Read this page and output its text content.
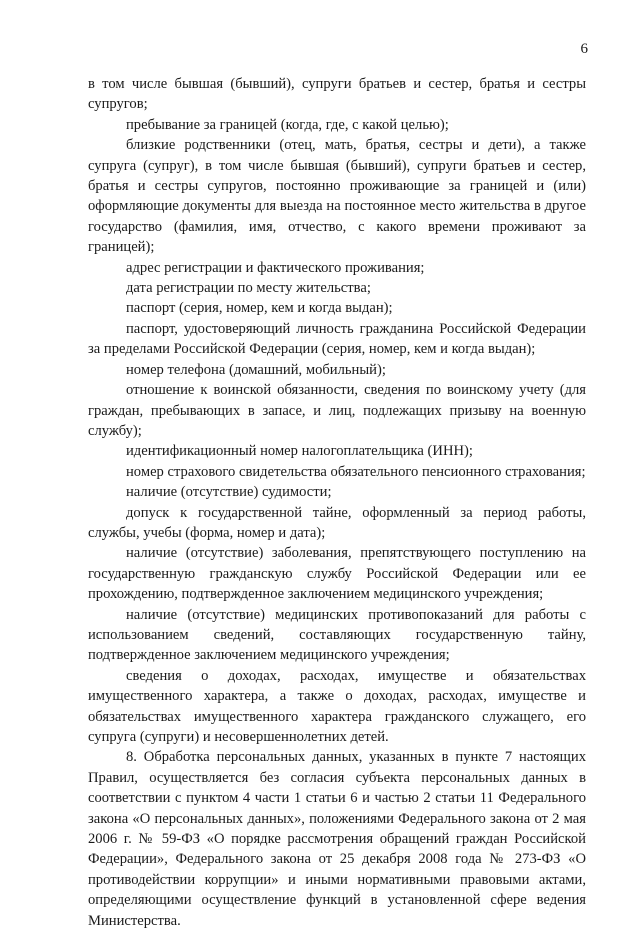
6

в том числе бывшая (бывший), супруги братьев и сестер, братья и сестры супругов;

пребывание за границей (когда, где, с какой целью);

близкие родственники (отец, мать, братья, сестры и дети), а также супруга (супруг), в том числе бывшая (бывший), супруги братьев и сестер, братья и сестры супругов, постоянно проживающие за границей и (или) оформляющие документы для выезда на постоянное место жительства в другое государство (фамилия, имя, отчество, с какого времени проживают за границей);

адрес регистрации и фактического проживания;

дата регистрации по месту жительства;

паспорт (серия, номер, кем и когда выдан);

паспорт, удостоверяющий личность гражданина Российской Федерации за пределами Российской Федерации (серия, номер, кем и когда выдан);

номер телефона (домашний, мобильный);

отношение к воинской обязанности, сведения по воинскому учету (для граждан, пребывающих в запасе, и лиц, подлежащих призыву на военную службу);

идентификационный номер налогоплательщика (ИНН);

номер страхового свидетельства обязательного пенсионного страхования;

наличие (отсутствие) судимости;

допуск к государственной тайне, оформленный за период работы, службы, учебы (форма, номер и дата);

наличие (отсутствие) заболевания, препятствующего поступлению на государственную гражданскую службу Российской Федерации или ее прохождению, подтвержденное заключением медицинского учреждения;

наличие (отсутствие) медицинских противопоказаний для работы с использованием сведений, составляющих государственную тайну, подтвержденное заключением медицинского учреждения;

сведения о доходах, расходах, имуществе и обязательствах имущественного характера, а также о доходах, расходах, имуществе и обязательствах имущественного характера гражданского служащего, его супруга (супруги) и несовершеннолетних детей.

8. Обработка персональных данных, указанных в пункте 7 настоящих Правил, осуществляется без согласия субъекта персональных данных в соответствии с пунктом 4 части 1 статьи 6 и частью 2 статьи 11 Федерального закона «О персональных данных», положениями Федерального закона от 2 мая 2006 г. № 59-ФЗ «О порядке рассмотрения обращений граждан Российской Федерации», Федерального закона от 25 декабря 2008 года № 273-ФЗ «О противодействии коррупции» и иными нормативными правовыми актами, определяющими осуществление функций в установленной сфере ведения Министерства.
